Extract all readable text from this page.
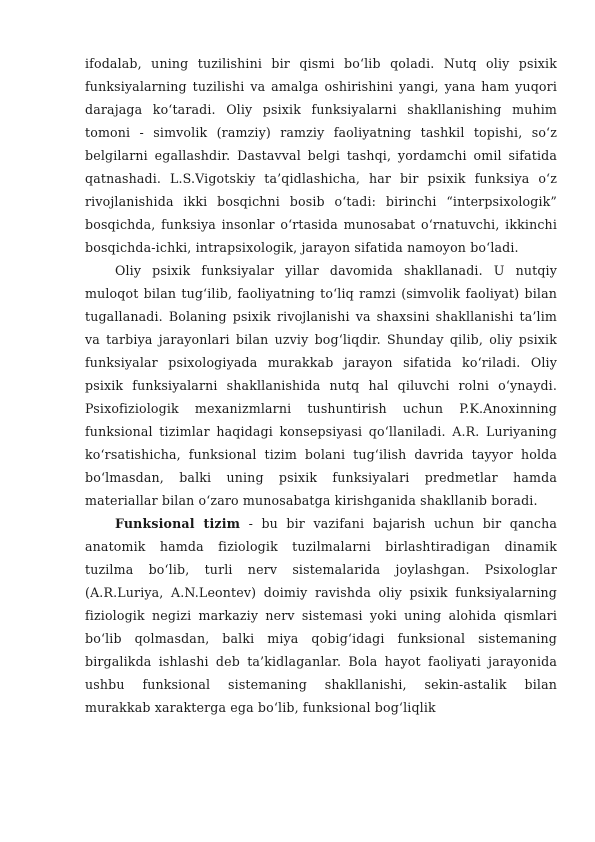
ifodalab, uning tuzilishini bir qismi bo‘lib qoladi. Nutq oliy psixik funksiyalarning tuzilishi va amalga oshirishini yangi, yana ham yuqori darajaga ko‘taradi. Oliy psixik funksiyalarni shakllanishing muhim tomoni - simvolik (ramziy) ramziy faoliyatning tashkil topishi, so‘z belgilarni egallashdir. Dastavval belgi tashqi, yordamchi omil sifatida qatnashadi. L.S.Vigotskiy ta’qidlashicha, har bir psixik funksiya o‘z rivojlanishida ikki bosqichni bosib o‘tadi: birinchi “interpsixologik” bosqichda, funksiya insonlar o‘rtasida munosabat o‘rnatuvchi, ikkinchi bosqichda-ichki, intrapsixologik, jarayon sifatida namoyon bo‘ladi.

Oliy psixik funksiyalar yillar davomida shakllanadi. U nutqiy muloqot bilan tug‘ilib, faoliyatning to‘liq ramzi (simvolik faoliyat) bilan tugallanadi. Bolaning psixik rivojlanishi va shaxsini shakllanishi ta’lim va tarbiya jarayonlari bilan uzviy bog‘liqdir. Shunday qilib, oliy psixik funksiyalar psixologiyada murakkab jarayon sifatida ko‘riladi. Oliy psixik funksiyalarni shakllanishida nutq hal qiluvchi rolni o‘ynaydi. Psixofiziologik mexanizmlarni tushuntirish uchun P.K.Anoxinning funksional tizimlar haqidagi konsepsiyasi qo‘llaniladi. A.R. Luriyaning ko‘rsatishicha, funksional tizim bolani tug‘ilish davrida tayyor holda bo‘lmasdan, balki uning psixik funksiyalari predmetlar hamda materiallar bilan o‘zaro munosabatga kirishganida shakllanib boradi.

Funksional tizim - bu bir vazifani bajarish uchun bir qancha anatomik hamda fiziologik tuzilmalarni birlashtiradigan dinamik tuzilma bo‘lib, turli nerv sistemalarida joylashgan. Psixologlar (A.R.Luriya, A.N.Leontev) doimiy ravishda oliy psixik funksiyalarning fiziologik negizi markaziy nerv sistemasi yoki uning alohida qismlari bo‘lib qolmasdan, balki miya qobig‘idagi funksional sistemaning birgalikda ishlashi deb ta’kidlaganlar. Bola hayot faoliyati jarayonida ushbu funksional sistemaning shakllanishi, sekin-astalik bilan murakkab xarakterga ega bo‘lib, funksional bog‘liqlik
